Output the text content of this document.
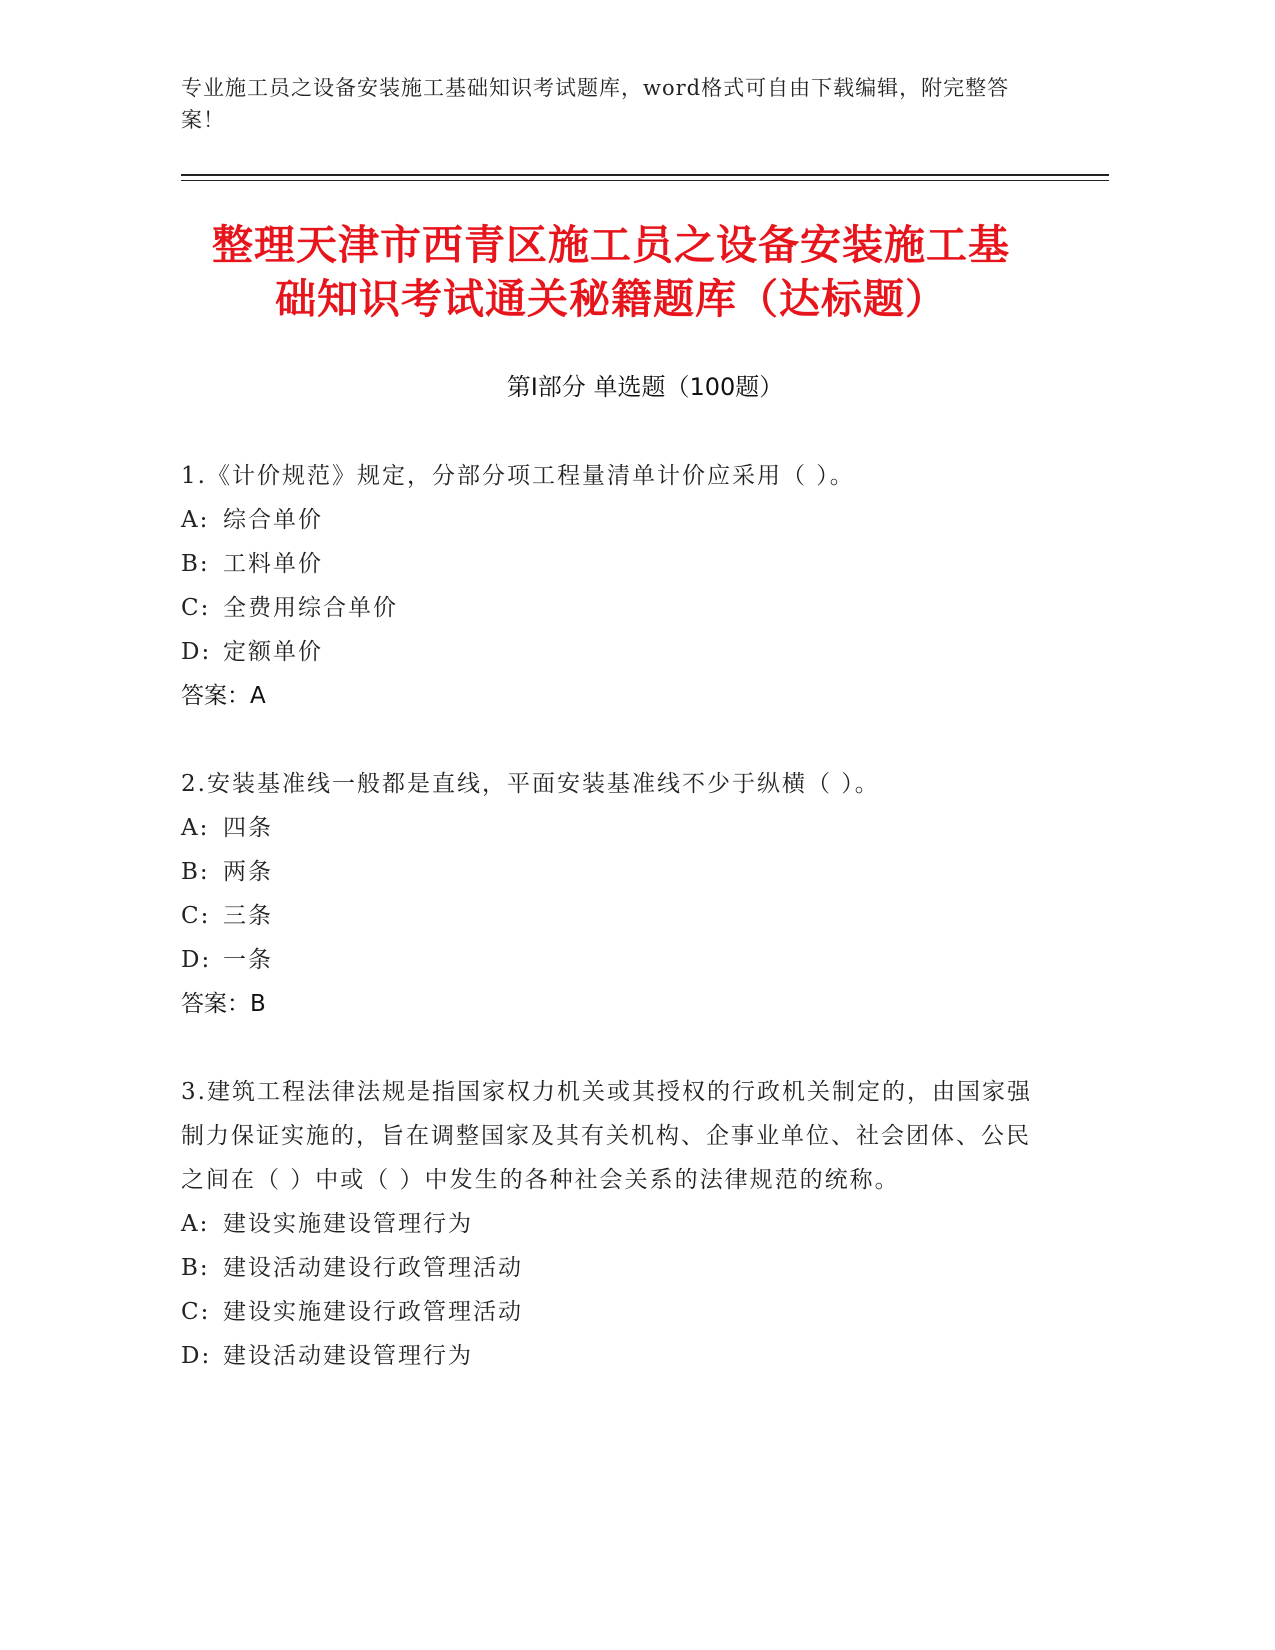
专业施工员之设备安装施工基础知识考试题库，word格式可自由下载编辑，附完整答案！
整理天津市西青区施工员之设备安装施工基
础知识考试通关秘籍题库（达标题）
第Ⅰ部分 单选题（100题）
1.《计价规范》规定，分部分项工程量清单计价应采用（ ）。
A: 综合单价
B: 工料单价
C: 全费用综合单价
D: 定额单价
答案：A
2.安装基准线一般都是直线，平面安装基准线不少于纵横（ ）。
A: 四条
B: 两条
C: 三条
D: 一条
答案：B
3.建筑工程法律法规是指国家权力机关或其授权的行政机关制定的，由国家强制力保证实施的，旨在调整国家及其有关机构、企事业单位、社会团体、公民之间在（ ）中或（ ）中发生的各种社会关系的法律规范的统称。
A: 建设实施建设管理行为
B: 建设活动建设行政管理活动
C: 建设实施建设行政管理活动
D: 建设活动建设管理行为
